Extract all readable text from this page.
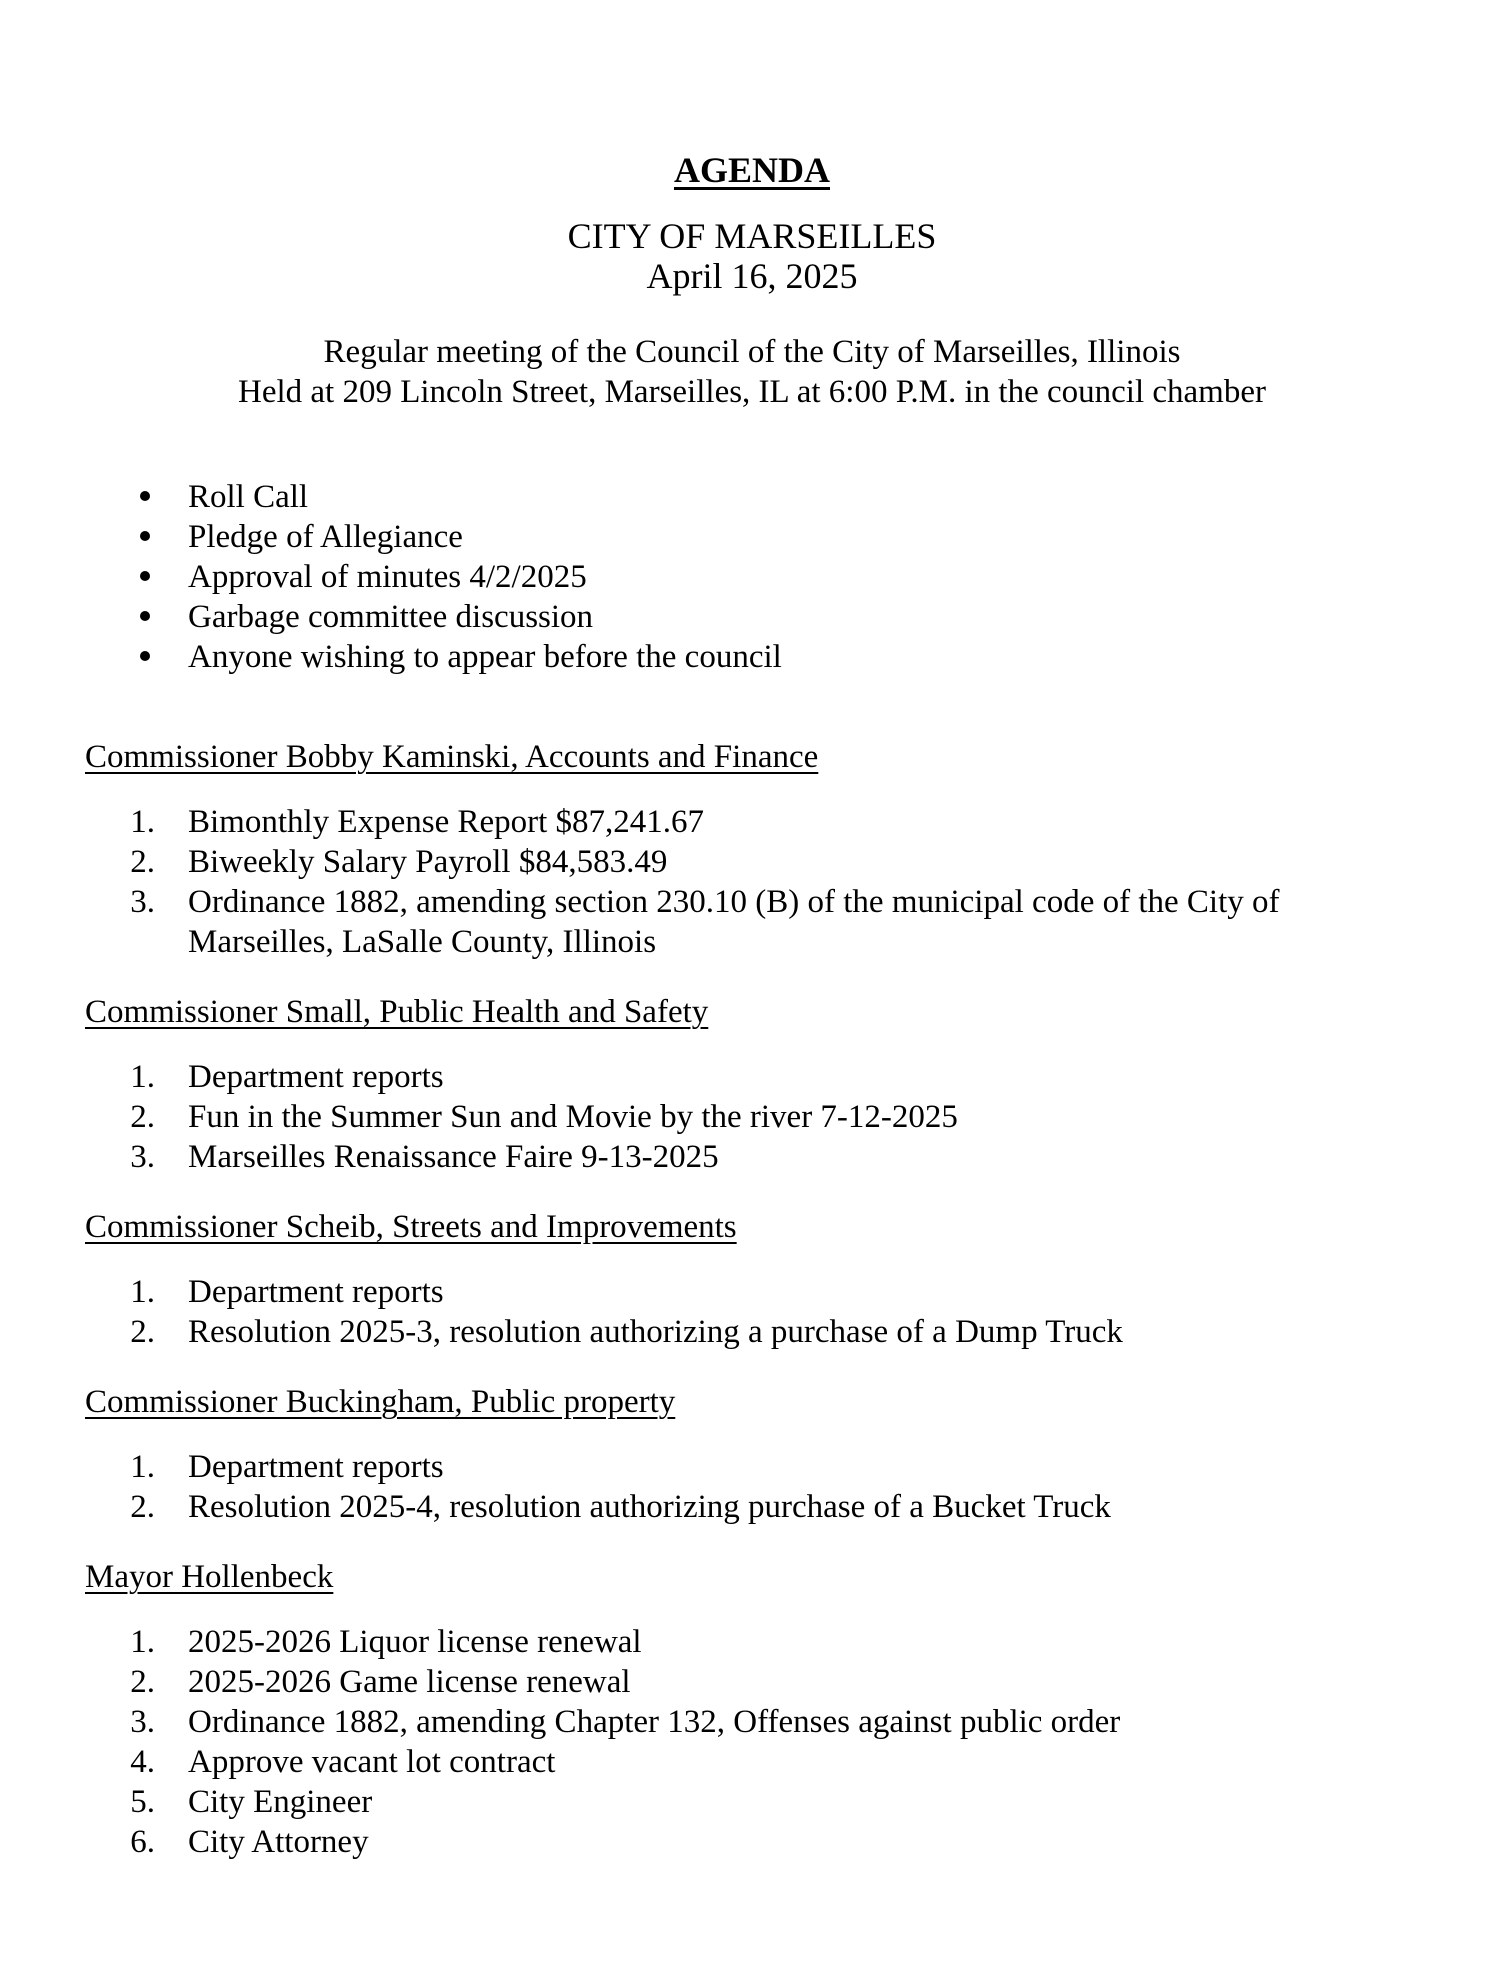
AGENDA
CITY OF MARSEILLES
April 16, 2025
Regular meeting of the Council of the City of Marseilles, Illinois
Held at 209 Lincoln Street, Marseilles, IL at 6:00 P.M. in the council chamber
Roll Call
Pledge of Allegiance
Approval of minutes 4/2/2025
Garbage committee discussion
Anyone wishing to appear before the council
Commissioner Bobby Kaminski, Accounts and Finance
Bimonthly Expense Report $87,241.67
Biweekly Salary Payroll $84,583.49
Ordinance 1882, amending section 230.10 (B) of the municipal code of the City of Marseilles, LaSalle County, Illinois
Commissioner Small, Public Health and Safety
Department reports
Fun in the Summer Sun and Movie by the river 7-12-2025
Marseilles Renaissance Faire 9-13-2025
Commissioner Scheib, Streets and Improvements
Department reports
Resolution 2025-3, resolution authorizing a purchase of a Dump Truck
Commissioner Buckingham, Public property
Department reports
Resolution 2025-4, resolution authorizing purchase of a Bucket Truck
Mayor Hollenbeck
2025-2026 Liquor license renewal
2025-2026 Game license renewal
Ordinance 1882, amending Chapter 132, Offenses against public order
Approve vacant lot contract
City Engineer
City Attorney
